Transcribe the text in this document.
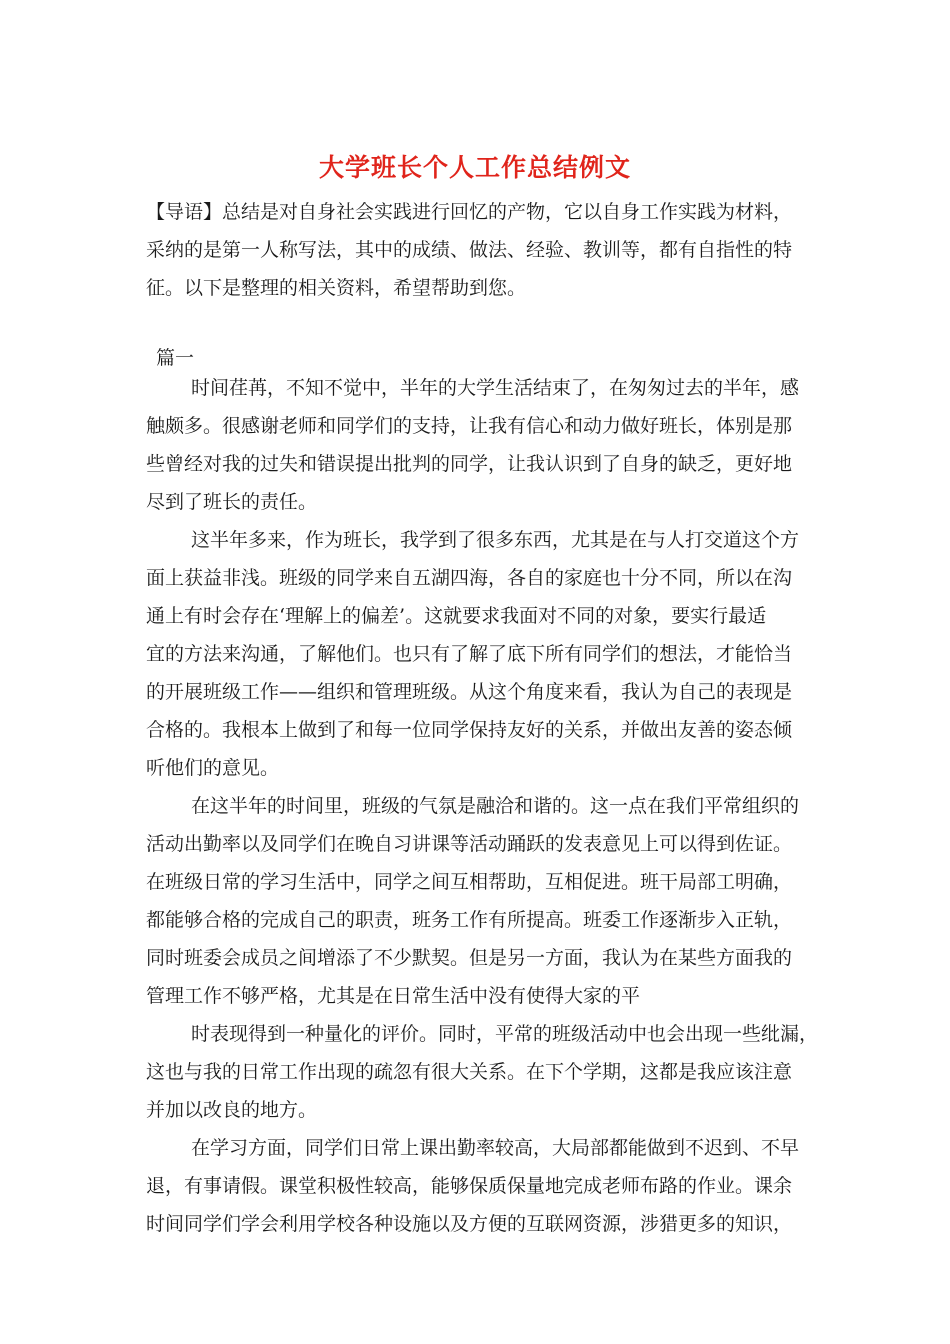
大学班长个人工作总结例文
【导语】总结是对自身社会实践进行回忆的产物，它以自身工作实践为材料，
采纳的是第一人称写法，其中的成绩、做法、经验、教训等，都有自指性的特
征。以下是整理的相关资料，希望帮助到您。
篇一
时间荏苒，不知不觉中，半年的大学生活结束了，在匆匆过去的半年，感
触颇多。很感谢老师和同学们的支持，让我有信心和动力做好班长，体别是那
些曾经对我的过失和错误提出批判的同学，让我认识到了自身的缺乏，更好地
尽到了班长的责任。
这半年多来，作为班长，我学到了很多东西，尤其是在与人打交道这个方
面上获益非浅。班级的同学来自五湖四海，各自的家庭也十分不同，所以在沟
通上有时会存在‘理解上的偏差’。这就要求我面对不同的对象，要实行最适
宜的方法来沟通，了解他们。也只有了解了底下所有同学们的想法，才能恰当
的开展班级工作——组织和管理班级。从这个角度来看，我认为自己的表现是
合格的。我根本上做到了和每一位同学保持友好的关系，并做出友善的姿态倾
听他们的意见。
在这半年的时间里，班级的气氛是融洽和谐的。这一点在我们平常组织的
活动出勤率以及同学们在晚自习讲课等活动踊跃的发表意见上可以得到佐证。
在班级日常的学习生活中，同学之间互相帮助，互相促进。班干局部工明确，
都能够合格的完成自己的职责，班务工作有所提高。班委工作逐渐步入正轨，
同时班委会成员之间增添了不少默契。但是另一方面，我认为在某些方面我的
管理工作不够严格，尤其是在日常生活中没有使得大家的平
时表现得到一种量化的评价。同时，平常的班级活动中也会出现一些纰漏，
这也与我的日常工作出现的疏忽有很大关系。在下个学期，这都是我应该注意
并加以改良的地方。
在学习方面，同学们日常上课出勤率较高，大局部都能做到不迟到、不早
退，有事请假。课堂积极性较高，能够保质保量地完成老师布路的作业。课余
时间同学们学会利用学校各种设施以及方便的互联网资源，涉猎更多的知识，
